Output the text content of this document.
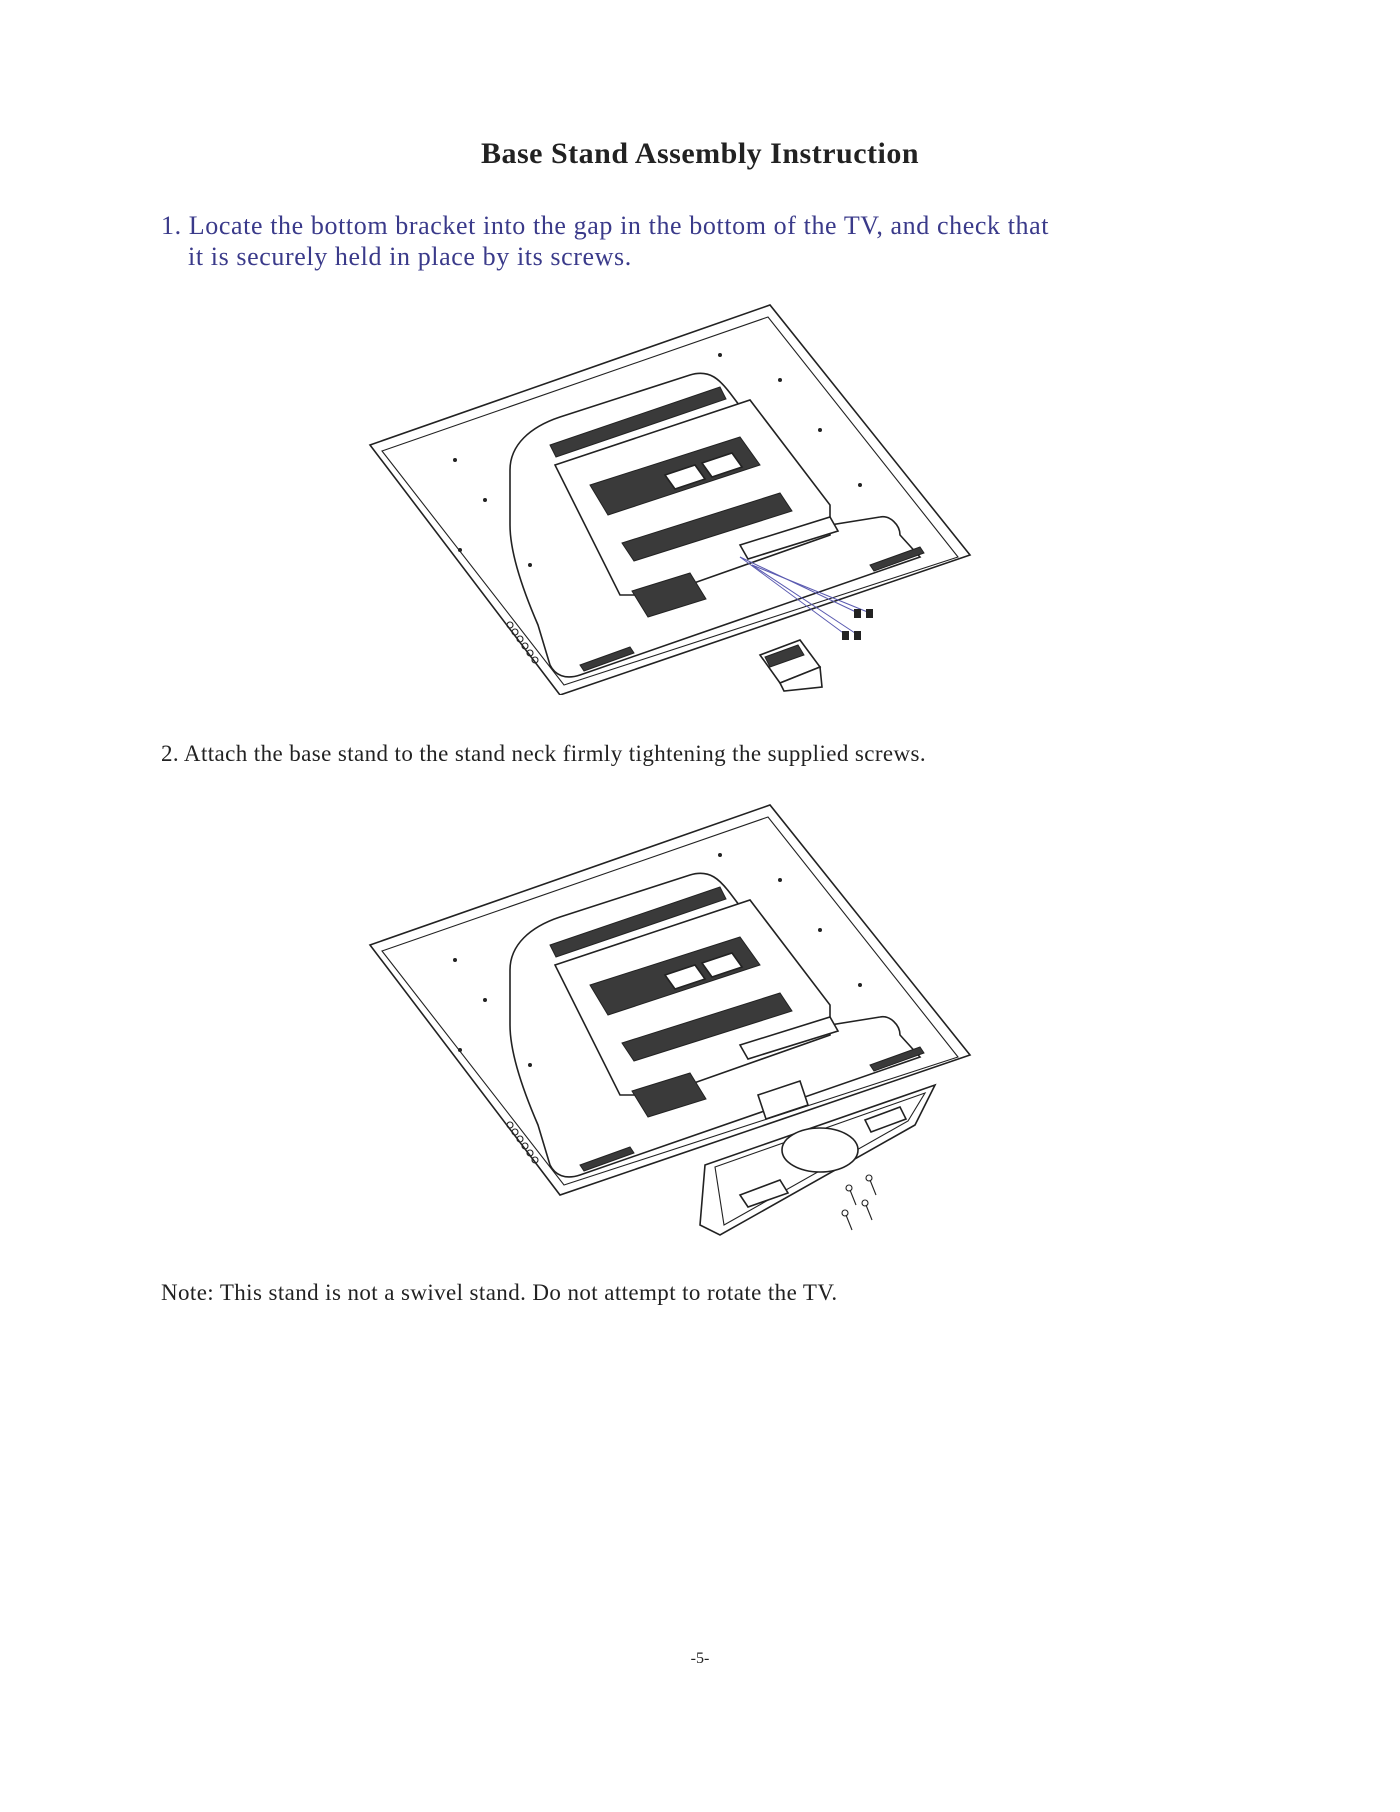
Base Stand Assembly Instruction
1. Locate the bottom bracket into the gap in the bottom of the TV, and check that
it is securely held in place by its screws.
2. Attach the base stand to the stand neck firmly tightening the supplied screws.
Note: This stand is not a swivel stand. Do not attempt to rotate the TV.
-5-
